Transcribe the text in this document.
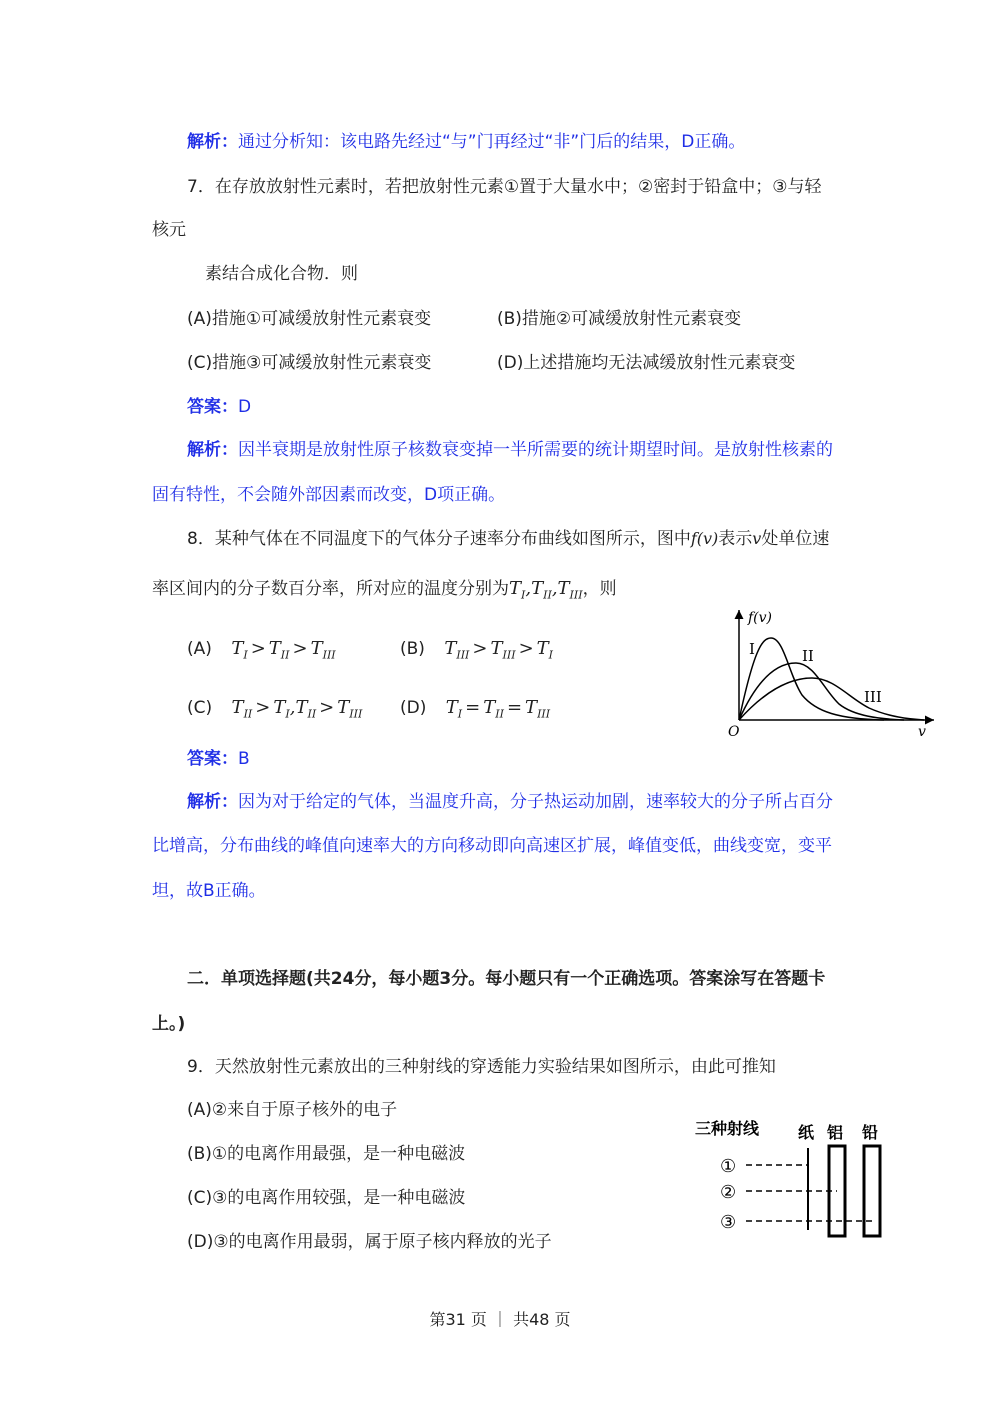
解析：通过分析知：该电路先经过“与”门再经过“非”门后的结果，D正确。
7．在存放放射性元素时，若把放射性元素①置于大量水中；②密封于铅盒中；③与轻
核元
素结合成化合物．则
(A)措施①可减缓放射性元素衰变	(B)措施②可减缓放射性元素衰变
(C)措施③可减缓放射性元素衰变	(D)上述措施均无法减缓放射性元素衰变
答案：D
解析：因半衰期是放射性原子核数衰变掉一半所需要的统计期望时间。是放射性核素的
固有特性，不会随外部因素而改变，D项正确。
8．某种气体在不同温度下的气体分子速率分布曲线如图所示，图中f(v)表示v处单位速
率区间内的分子数百分率，所对应的温度分别为$T_I,T_{II},T_{III}$，则
(A) $T_I > T_{II} > T_{III}$	(B) $T_{III} > T_{III} > T_I$
(C) $T_{II} > T_I,T_{II} > T_{III}$ (D) $T_I = T_{II} = T_{III}$
f(v)
v
O
I	II
III
答案：B
解析：因为对于给定的气体，当温度升高，分子热运动加剧，速率较大的分子所占百分
比增高，分布曲线的峰值向速率大的方向移动即向高速区扩展，峰值变低，曲线变宽，变平
坦，故B正确。
二．单项选择题(共24分，每小题3分。每小题只有一个正确选项。答案涂写在答题卡
上。)
9．天然放射性元素放出的三种射线的穿透能力实验结果如图所示，由此可推知
(A)②来自于原子核外的电子
(B)①的电离作用最强，是一种电磁波
(C)③的电离作用较强，是一种电磁波
(D)③的电离作用最弱，属于原子核内释放的光子
三种射线 纸 铝 铅
①
②
③
第31 页 ｜ 共48 页
